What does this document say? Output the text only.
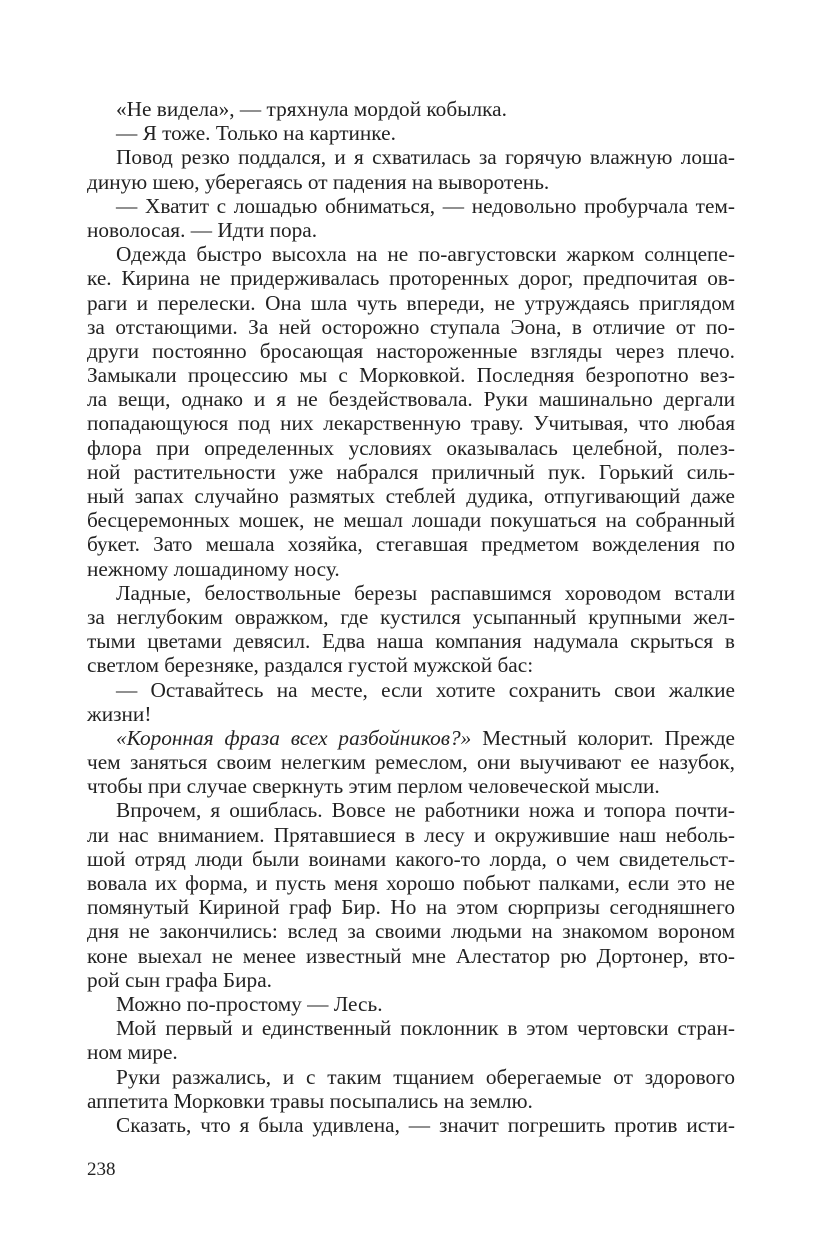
«Не видела», — тряхнула мордой кобылка.
— Я тоже. Только на картинке.
Повод резко поддался, и я схватилась за горячую влажную лоша-
диную шею, уберегаясь от падения на выворотень.
— Хватит с лошадью обниматься, — недовольно пробурчала тем-
новолосая. — Идти пора.
Одежда быстро высохла на не по-августовски жарком солнцепе-
ке. Кирина не придерживалась проторенных дорог, предпочитая ов-
раги и перелески. Она шла чуть впереди, не утруждаясь приглядом
за отстающими. За ней осторожно ступала Эона, в отличие от по-
други постоянно бросающая настороженные взгляды через плечо.
Замыкали процессию мы с Морковкой. Последняя безропотно вез-
ла вещи, однако и я не бездействовала. Руки машинально дергали
попадающуюся под них лекарственную траву. Учитывая, что любая
флора при определенных условиях оказывалась целебной, полез-
ной растительности уже набрался приличный пук. Горький силь-
ный запах случайно размятых стеблей дудика, отпугивающий даже
бесцеремонных мошек, не мешал лошади покушаться на собранный
букет. Зато мешала хозяйка, стегавшая предметом вожделения по
нежному лошадиному носу.
Ладные, белоствольные березы распавшимся хороводом встали
за неглубоким овражком, где кустился усыпанный крупными жел-
тыми цветами девясил. Едва наша компания надумала скрыться в
светлом березняке, раздался густой мужской бас:
— Оставайтесь на месте, если хотите сохранить свои жалкие
жизни!
«Коронная фраза всех разбойников?» Местный колорит. Прежде
чем заняться своим нелегким ремеслом, они выучивают ее назубок,
чтобы при случае сверкнуть этим перлом человеческой мысли.
Впрочем, я ошиблась. Вовсе не работники ножа и топора почти-
ли нас вниманием. Прятавшиеся в лесу и окружившие наш неболь-
шой отряд люди были воинами какого-то лорда, о чем свидетельст-
вовала их форма, и пусть меня хорошо побьют палками, если это не
помянутый Кириной граф Бир. Но на этом сюрпризы сегодняшнего
дня не закончились: вслед за своими людьми на знакомом вороном
коне выехал не менее известный мне Алестатор рю Дортонер, вто-
рой сын графа Бира.
Можно по-простому — Лесь.
Мой первый и единственный поклонник в этом чертовски стран-
ном мире.
Руки разжались, и с таким тщанием оберегаемые от здорового
аппетита Морковки травы посыпались на землю.
Сказать, что я была удивлена, — значит погрешить против исти-
238
